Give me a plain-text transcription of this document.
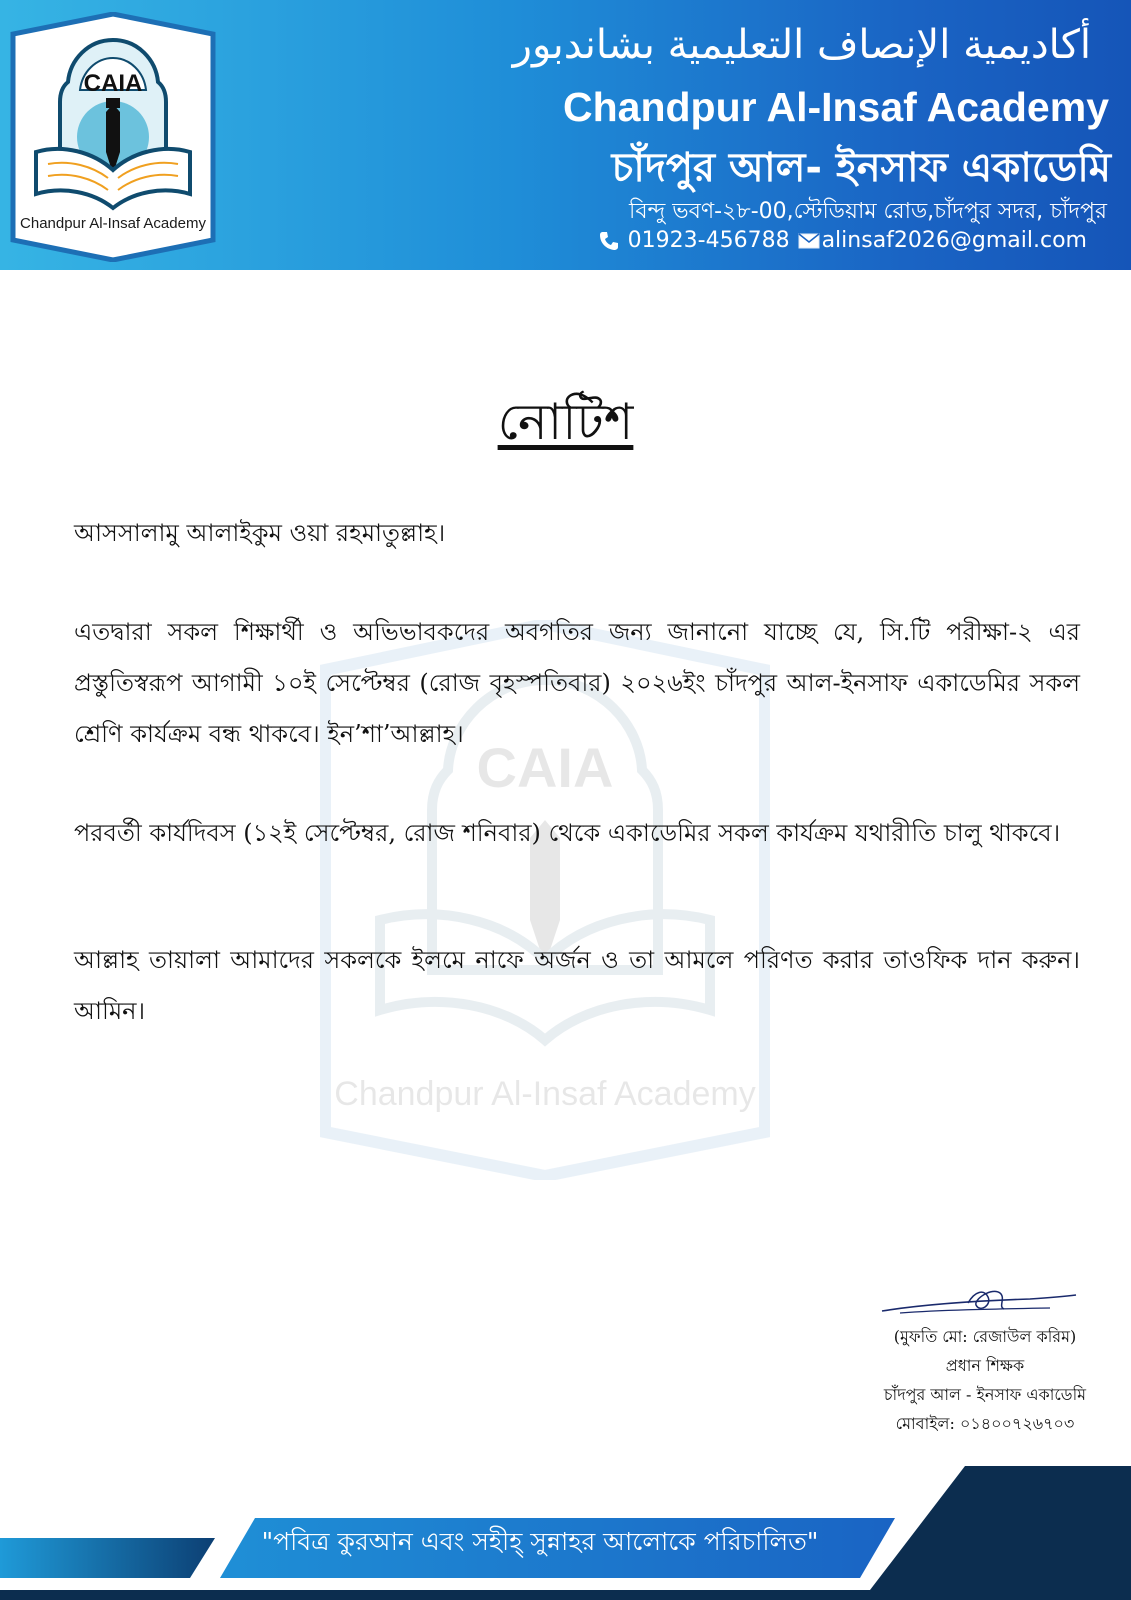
CAIA
Chandpur Al-Insaf Academy
أكاديمية الإنصاف التعليمية بشاندبور
Chandpur Al-Insaf Academy
চাঁদপুর আল- ইনসাফ একাডেমি
বিন্দু ভবণ-২৮-00,স্টেডিয়াম রোড,চাঁদপুর সদর, চাঁদপুর
01923-456788 alinsaf2026@gmail.com
CAIA
Chandpur Al-Insaf Academy
নোটিশ
আসসালামু আলাইকুম ওয়া রহমাতুল্লাহ।
এতদ্বারা সকল শিক্ষার্থী ও অভিভাবকদের অবগতির জন্য জানানো যাচ্ছে যে, সি.টি পরীক্ষা-২ এর প্রস্তুতিস্বরূপ আগামী ১০ই সেপ্টেম্বর (রোজ বৃহস্পতিবার) ২০২৬ইং চাঁদপুর আল-ইনসাফ একাডেমির সকল শ্রেণি কার্যক্রম বন্ধ থাকবে। ইন’শা’আল্লাহ।
পরবর্তী কার্যদিবস (১২ই সেপ্টেম্বর, রোজ শনিবার) থেকে একাডেমির সকল কার্যক্রম যথারীতি চালু থাকবে।
আল্লাহ তায়ালা আমাদের সকলকে ইলমে নাফে অর্জন ও তা আমলে পরিণত করার তাওফিক দান করুন।আমিন।
(মুফতি মো: রেজাউল করিম)
প্রধান শিক্ষক
চাঁদপুর আল - ইনসাফ একাডেমি
মোবাইল: ০১৪০০৭২৬৭০৩
"পবিত্র কুরআন এবং সহীহ্ সুন্নাহর আলোকে পরিচালিত"
